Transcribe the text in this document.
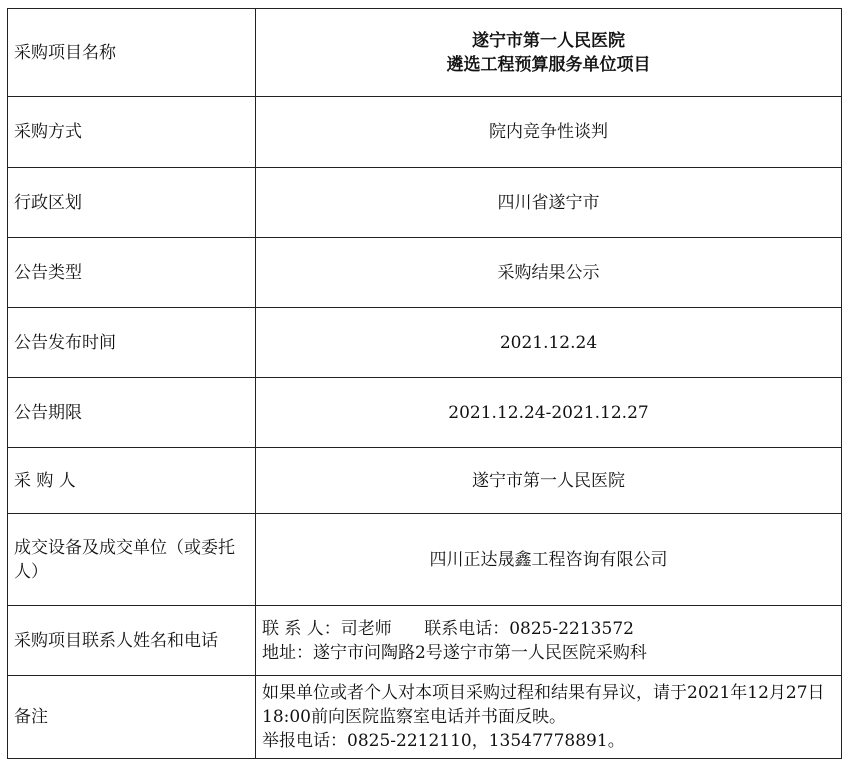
采购项目名称	遂宁市第一人民医院
遴选工程预算服务单位项目

采购方式	院内竞争性谈判
行政区划	四川省遂宁市
公告类型	采购结果公示
公告发布时间	2021.12.24
公告期限	2021.12.24-2021.12.27
采 购 人	遂宁市第一人民医院
成交设备及成交单位（或委托人）	四川正达晟鑫工程咨询有限公司
采购项目联系人姓名和电话	联 系 人：司老师      联系电话：0825-2213572
地址：遂宁市问陶路2号遂宁市第一人民医院采购科

备注	如果单位或者个人对本项目采购过程和结果有异议，请于2021年12月27日18:00前向医院监察室电话并书面反映。
举报电话：0825-2212110，13547778891。
